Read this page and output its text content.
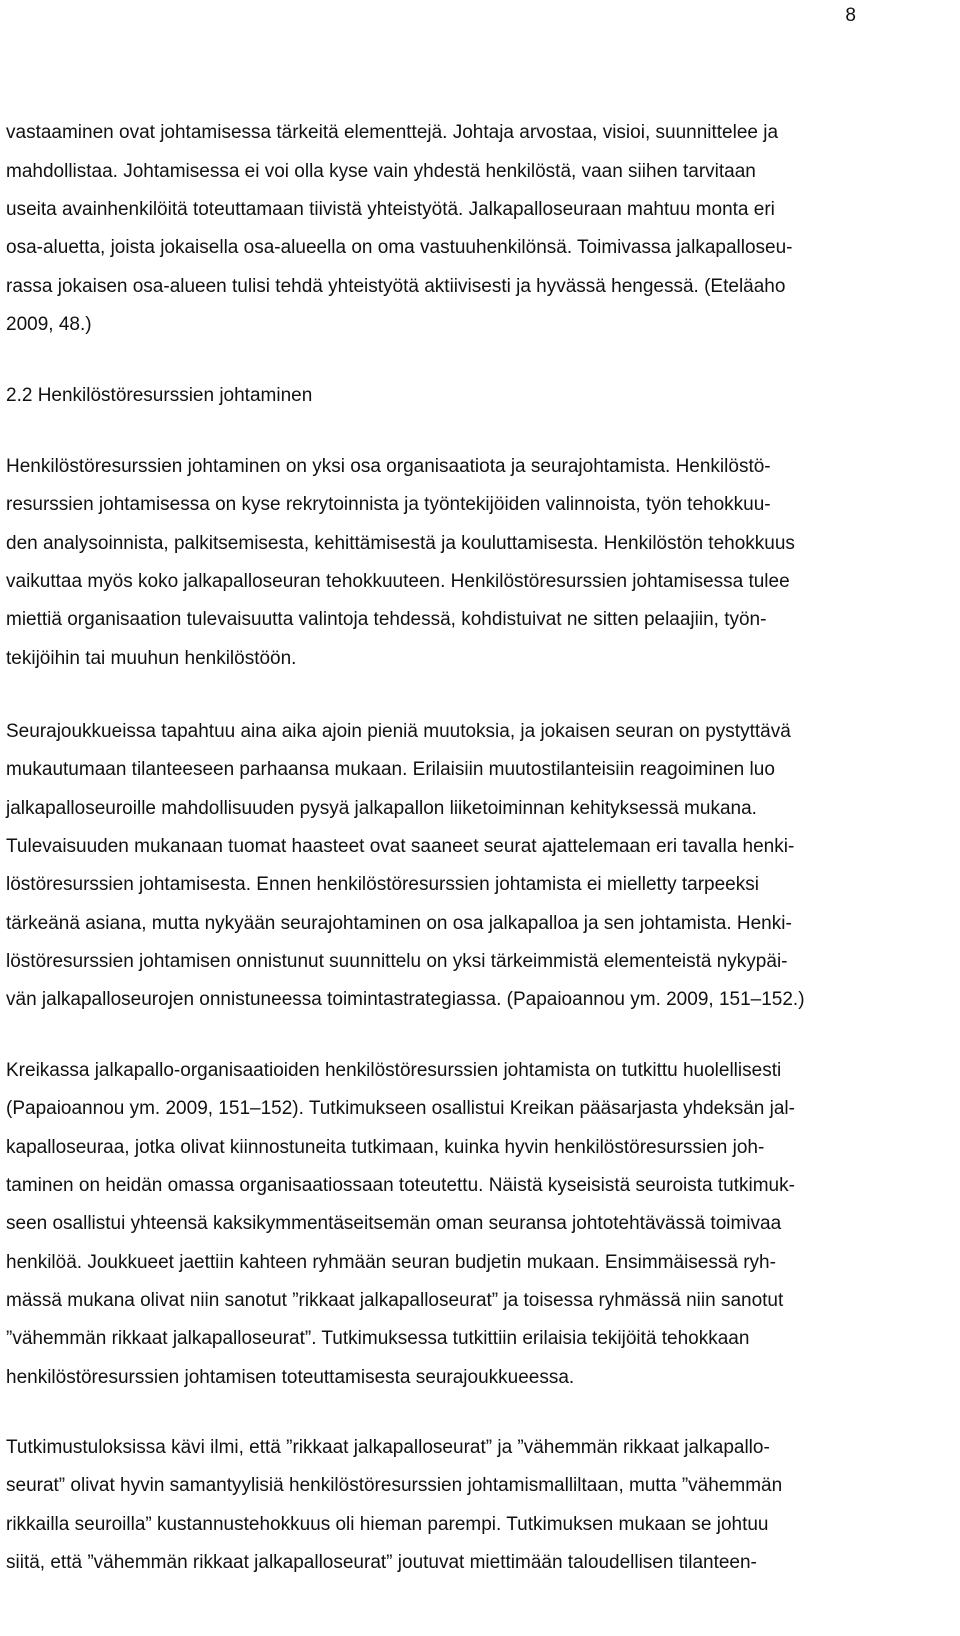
8

vastaaminen ovat johtamisessa tärkeitä elementtejä. Johtaja arvostaa, visioi, suunnittelee ja

mahdollistaa. Johtamisessa ei voi olla kyse vain yhdestä henkilöstä, vaan siihen tarvitaan

useita avainhenkilöitä toteuttamaan tiivistä yhteistyötä. Jalkapalloseuraan mahtuu monta eri

osa-aluetta, joista jokaisella osa-alueella on oma vastuuhenkilönsä. Toimivassa jalkapalloseu-

rassa jokaisen osa-alueen tulisi tehdä yhteistyötä aktiivisesti ja hyvässä hengessä. (Eteläaho

2009, 48.)

2.2 Henkilöstöresurssien johtaminen

Henkilöstöresurssien johtaminen on yksi osa organisaatiota ja seurajohtamista. Henkilöstö-

resurssien johtamisessa on kyse rekrytoinnista ja työntekijöiden valinnoista, työn tehokkuu-

den analysoinnista, palkitsemisesta, kehittämisestä ja kouluttamisesta. Henkilöstön tehokkuus

vaikuttaa myös koko jalkapalloseuran tehokkuuteen. Henkilöstöresurssien johtamisessa tulee

miettiä organisaation tulevaisuutta valintoja tehdessä, kohdistuivat ne sitten pelaajiin, työn-

tekijöihin tai muuhun henkilöstöön.

Seurajoukkueissa tapahtuu aina aika ajoin pieniä muutoksia, ja jokaisen seuran on pystyttävä

mukautumaan tilanteeseen parhaansa mukaan. Erilaisiin muutostilanteisiin reagoiminen luo

jalkapalloseuroille mahdollisuuden pysyä jalkapallon liiketoiminnan kehityksessä mukana.

Tulevaisuuden mukanaan tuomat haasteet ovat saaneet seurat ajattelemaan eri tavalla henki-

löstöresurssien johtamisesta. Ennen henkilöstöresurssien johtamista ei mielletty tarpeeksi

tärkeänä asiana, mutta nykyään seurajohtaminen on osa jalkapalloa ja sen johtamista. Henki-

löstöresurssien johtamisen onnistunut suunnittelu on yksi tärkeimmistä elementeistä nykypäi-

vän jalkapalloseurojen onnistuneessa toimintastrategiassa. (Papaioannou ym. 2009, 151–152.)

Kreikassa jalkapallo-organisaatioiden henkilöstöresurssien johtamista on tutkittu huolellisesti

(Papaioannou ym. 2009, 151–152). Tutkimukseen osallistui Kreikan pääsarjasta yhdeksän jal-

kapalloseuraa, jotka olivat kiinnostuneita tutkimaan, kuinka hyvin henkilöstöresurssien joh-

taminen on heidän omassa organisaatiossaan toteutettu. Näistä kyseisistä seuroista tutkimuk-

seen osallistui yhteensä kaksikymmentäseitsemän oman seuransa johtotehtävässä toimivaa

henkilöä. Joukkueet jaettiin kahteen ryhmään seuran budjetin mukaan. Ensimmäisessä ryh-

mässä mukana olivat niin sanotut ”rikkaat jalkapalloseurat” ja toisessa ryhmässä niin sanotut

”vähemmän rikkaat jalkapalloseurat”. Tutkimuksessa tutkittiin erilaisia tekijöitä tehokkaan

henkilöstöresurssien johtamisen toteuttamisesta seurajoukkueessa.

Tutkimustuloksissa kävi ilmi, että ”rikkaat jalkapalloseurat” ja ”vähemmän rikkaat jalkapallo-

seurat” olivat hyvin samantyylisiä henkilöstöresurssien johtamismalliltaan, mutta ”vähemmän

rikkailla seuroilla” kustannustehokkuus oli hieman parempi. Tutkimuksen mukaan se johtuu

siitä, että ”vähemmän rikkaat jalkapalloseurat” joutuvat miettimään taloudellisen tilanteen-
